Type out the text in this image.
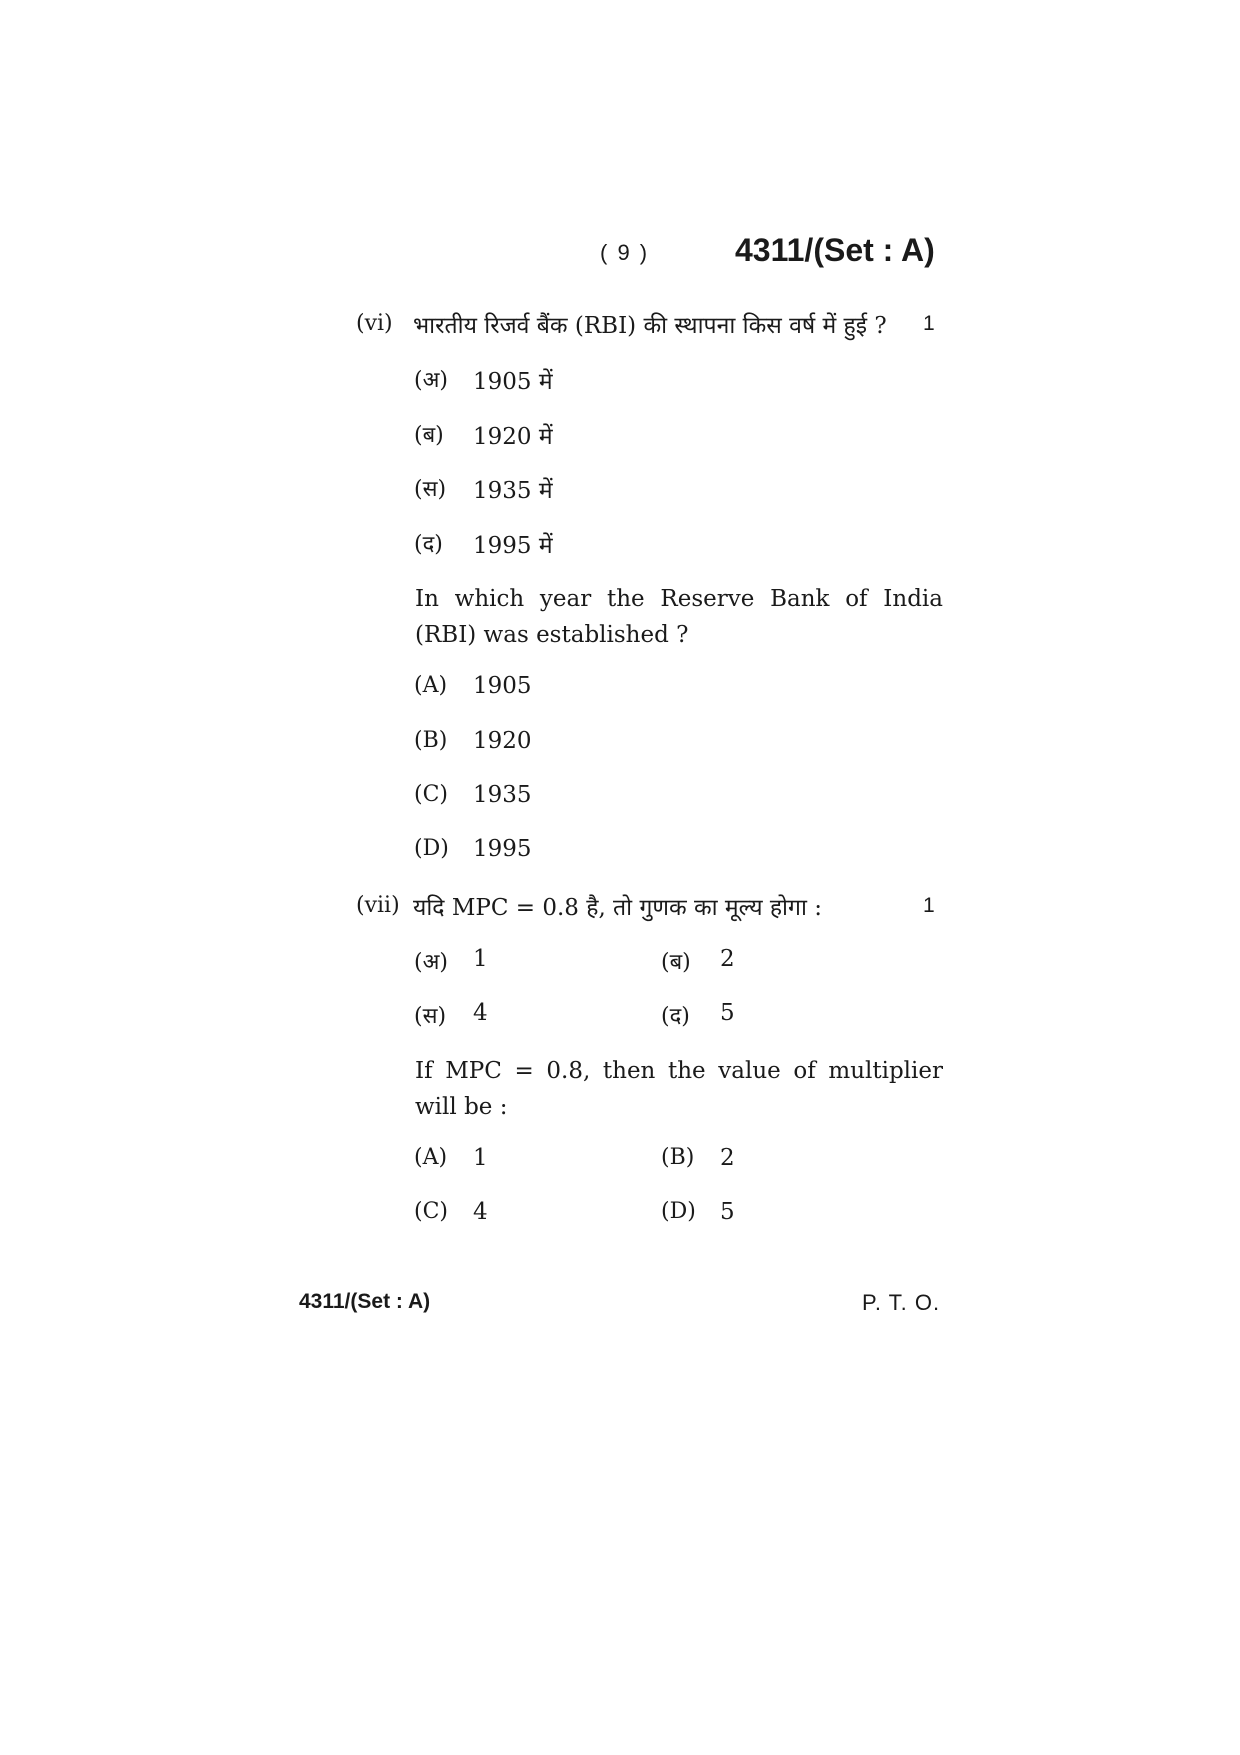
( 9 )	4311/(Set : A)
(vi) भारतीय रिजर्व बैंक (RBI) की स्थापना किस वर्ष में हुई ? 1
(अ) 1905 में
(ब) 1920 में
(स) 1935 में
(द) 1995 में
In which year the Reserve Bank of India
(RBI) was established ?
(A) 1905
(B) 1920
(C) 1935
(D) 1995
(vii) यदि MPC = 0.8 है, तो गुणक का मूल्य होगा :	1
(अ) 1	(ब) 2
(स) 4	(द) 5
If MPC = 0.8, then the value of multiplier
will be :
(A) 1	(B) 2
(C) 4	(D) 5
4311/(Set : A)	P. T. O.
